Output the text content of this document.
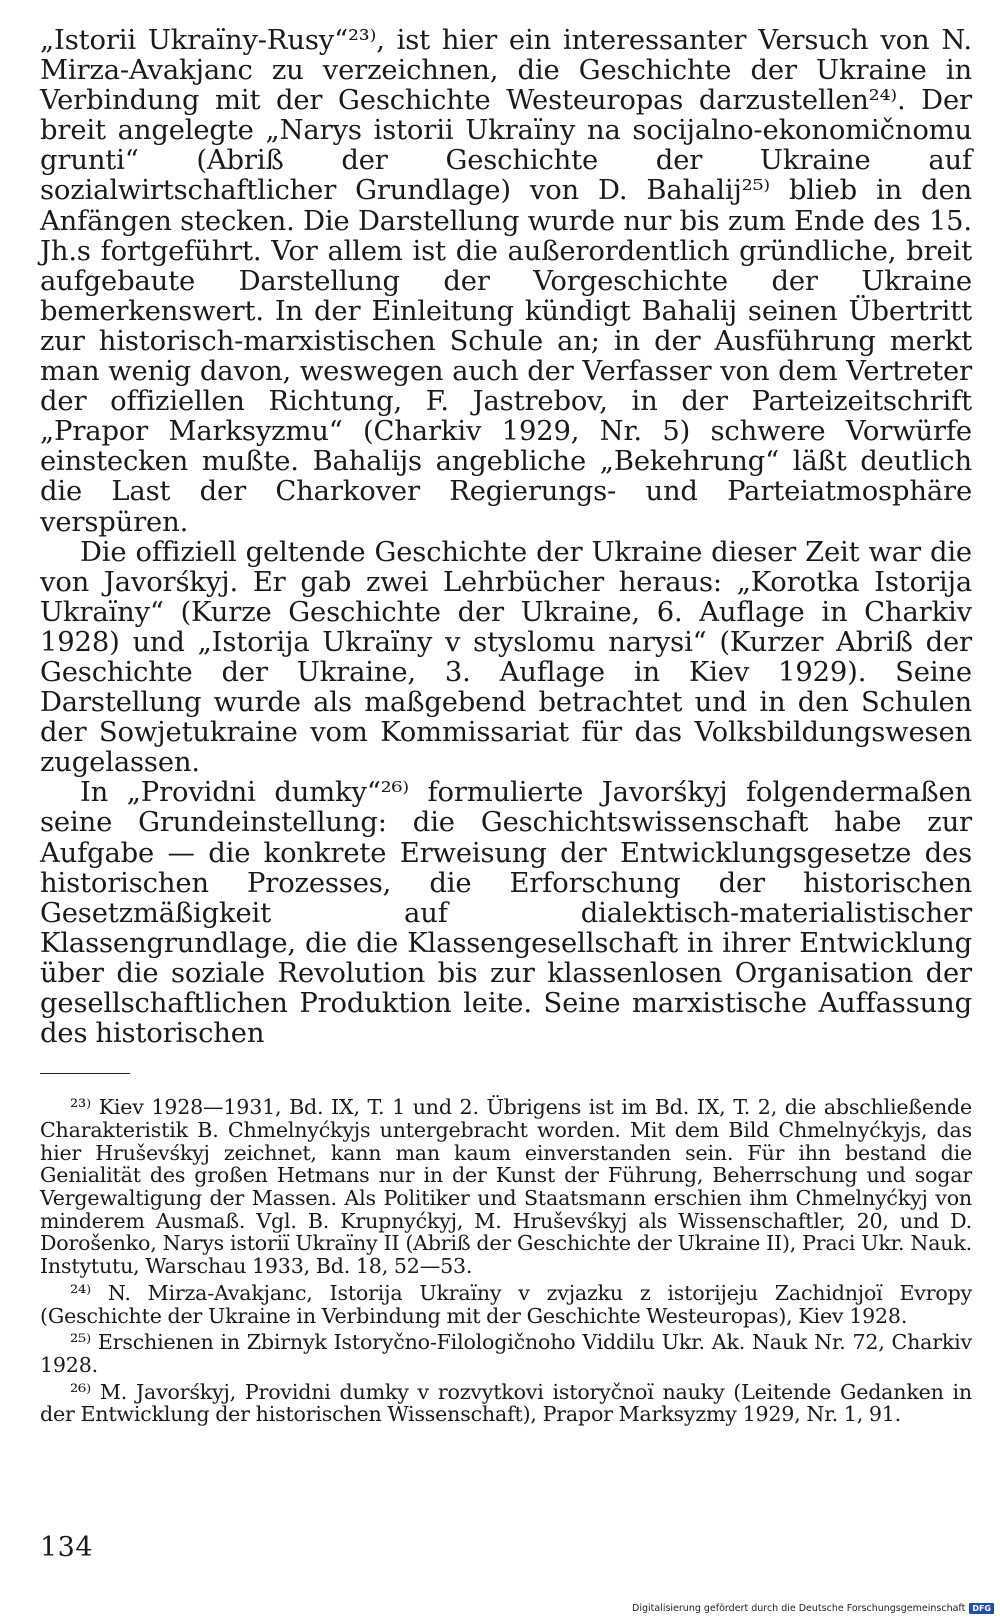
„Istorii Ukraïny-Rusy“²³⁾, ist hier ein interessanter Versuch von N. Mirza-Avakjanc zu verzeichnen, die Geschichte der Ukraine in Verbindung mit der Geschichte Westeuropas darzustellen²⁴⁾. Der breit angelegte „Narys istorii Ukraïny na socijalno-ekonomičnomu grunti“ (Abriß der Geschichte der Ukraine auf sozialwirtschaftlicher Grundlage) von D. Bahalij²⁵⁾ blieb in den Anfängen stecken. Die Darstellung wurde nur bis zum Ende des 15. Jh.s fortgeführt. Vor allem ist die außerordentlich gründliche, breit aufgebaute Darstellung der Vorgeschichte der Ukraine bemerkenswert. In der Einleitung kündigt Bahalij seinen Übertritt zur historisch-marxistischen Schule an; in der Ausführung merkt man wenig davon, weswegen auch der Verfasser von dem Vertreter der offiziellen Richtung, F. Jastrebov, in der Parteizeitschrift „Prapor Marksyzmu“ (Charkiv 1929, Nr. 5) schwere Vorwürfe einstecken mußte. Bahalijs angebliche „Bekehrung“ läßt deutlich die Last der Charkover Regierungs- und Parteiatmosphäre verspüren.

Die offiziell geltende Geschichte der Ukraine dieser Zeit war die von Javorśkyj. Er gab zwei Lehrbücher heraus: „Korotka Istorija Ukraïny“ (Kurze Geschichte der Ukraine, 6. Auflage in Charkiv 1928) und „Istorija Ukraïny v styslomu narysi“ (Kurzer Abriß der Geschichte der Ukraine, 3. Auflage in Kiev 1929). Seine Darstellung wurde als maßgebend betrachtet und in den Schulen der Sowjetukraine vom Kommissariat für das Volksbildungswesen zugelassen.

In „Providni dumky“²⁶⁾ formulierte Javorśkyj folgendermaßen seine Grundeinstellung: die Geschichtswissenschaft habe zur Aufgabe — die konkrete Erweisung der Entwicklungsgesetze des historischen Prozesses, die Erforschung der historischen Gesetzmäßigkeit auf dialektisch-materialistischer Klassengrundlage, die die Klassengesellschaft in ihrer Entwicklung über die soziale Revolution bis zur klassenlosen Organisation der gesellschaftlichen Produktion leite. Seine marxistische Auffassung des historischen

²³⁾ Kiev 1928—1931, Bd. IX, T. 1 und 2. Übrigens ist im Bd. IX, T. 2, die abschließende Charakteristik B. Chmelnyćkyjs untergebracht worden. Mit dem Bild Chmelnyćkyjs, das hier Hruševśkyj zeichnet, kann man kaum einverstanden sein. Für ihn bestand die Genialität des großen Hetmans nur in der Kunst der Führung, Beherrschung und sogar Vergewaltigung der Massen. Als Politiker und Staatsmann erschien ihm Chmelnyćkyj von minderem Ausmaß. Vgl. B. Krupnyćkyj, M. Hruševśkyj als Wissenschaftler, 20, und D. Dorošenko, Narys istoriï Ukraïny II (Abriß der Geschichte der Ukraine II), Praci Ukr. Nauk. Instytutu, Warschau 1933, Bd. 18, 52—53.

²⁴⁾ N. Mirza-Avakjanc, Istorija Ukraïny v zvjazku z istorijeju Zachidnjoï Evropy (Geschichte der Ukraine in Verbindung mit der Geschichte Westeuropas), Kiev 1928.

²⁵⁾ Erschienen in Zbirnyk Istoryčno-Filologičnoho Viddilu Ukr. Ak. Nauk Nr. 72, Charkiv 1928.

²⁶⁾ M. Javorśkyj, Providni dumky v rozvytkovi istoryčnoï nauky (Leitende Gedanken in der Entwicklung der historischen Wissenschaft), Prapor Marksyzmy 1929, Nr. 1, 91.

134
Digitalisierung gefördert durch die Deutsche Forschungsgemeinschaft DFG
